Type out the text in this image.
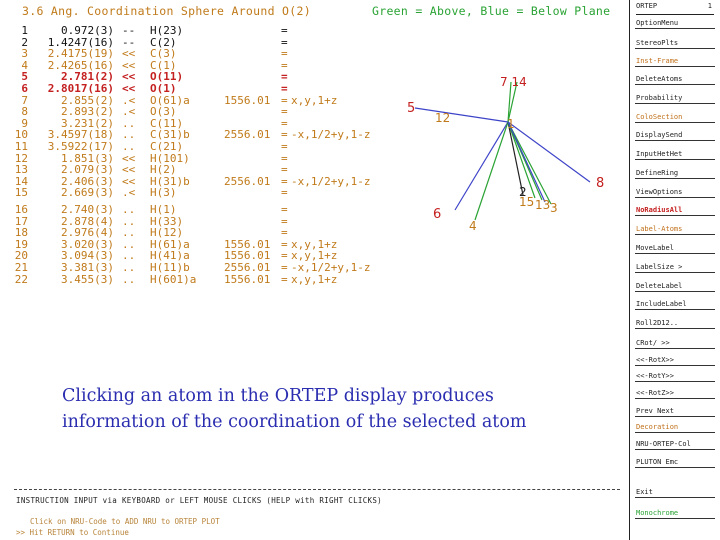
3.6 Ang. Coordination Sphere Around O(2)	Green = Above, Blue = Below Plane
1	0.972(3) -- H(23)	=
2	1.4247(16) -- C(2)	=
3	2.4175(19) << C(3)	=
4	2.4265(16) << C(1)	=
5	2.781(2) << O(11)	=
6	2.8017(16) << O(1)	=
7	2.855(2) .< O(61)a	1556.01 = x,y,1+z
8	2.893(2) .< O(3)	=
9	3.231(2) .. C(11)	=
10	3.4597(18) .. C(31)b	2556.01 = -x,1/2+y,1-z
11	3.5922(17) .. C(21)	=
12	1.851(3) << H(101)	=
13	2.079(3) << H(2)	=
14	2.406(3) << H(31)b	2556.01 = -x,1/2+y,1-z
15	2.669(3) .< H(3)	=
16	2.740(3) .. H(1)	=
17	2.878(4) .. H(33)	=
18	2.976(4) .. H(12)	=
19	3.020(3) .. H(61)a	1556.01 = x,y,1+z
20	3.094(3) .. H(41)a	1556.01 = x,y,1+z
21	3.381(3) .. H(11)b	2556.01 = -x,1/2+y,1-z
22	3.455(3) .. H(601)a	1556.01 = x,y,1+z
7 14
5
12	1
8
2
15 13 3
6
4
Clicking an atom in the ORTEP display produces
information of the coordination of the selected atom
INSTRUCTION INPUT via KEYBOARD or LEFT MOUSE CLICKS (HELP with RIGHT CLICKS)
Click on NRU-Code to ADD NRU to ORTEP PLOT
>> Hit RETURN to Continue
ORTEP	1
OptionMenu
StereoPlts
Inst-Frame
DeleteAtoms
Probability
ColoSection
DisplaySend
InputHetHet
DefineRing
ViewOptions
NoRadiusAll
Label-Atoms
MoveLabel
LabelSize >
DeleteLabel
IncludeLabel
Roll2D12..
CRot/ >>
<<-RotX>>
<<-RotY>>
<<-RotZ>>
Prev Next
Decoration
NRU-ORTEP-Col
PLUTON Emc
Exit
Monochrome
